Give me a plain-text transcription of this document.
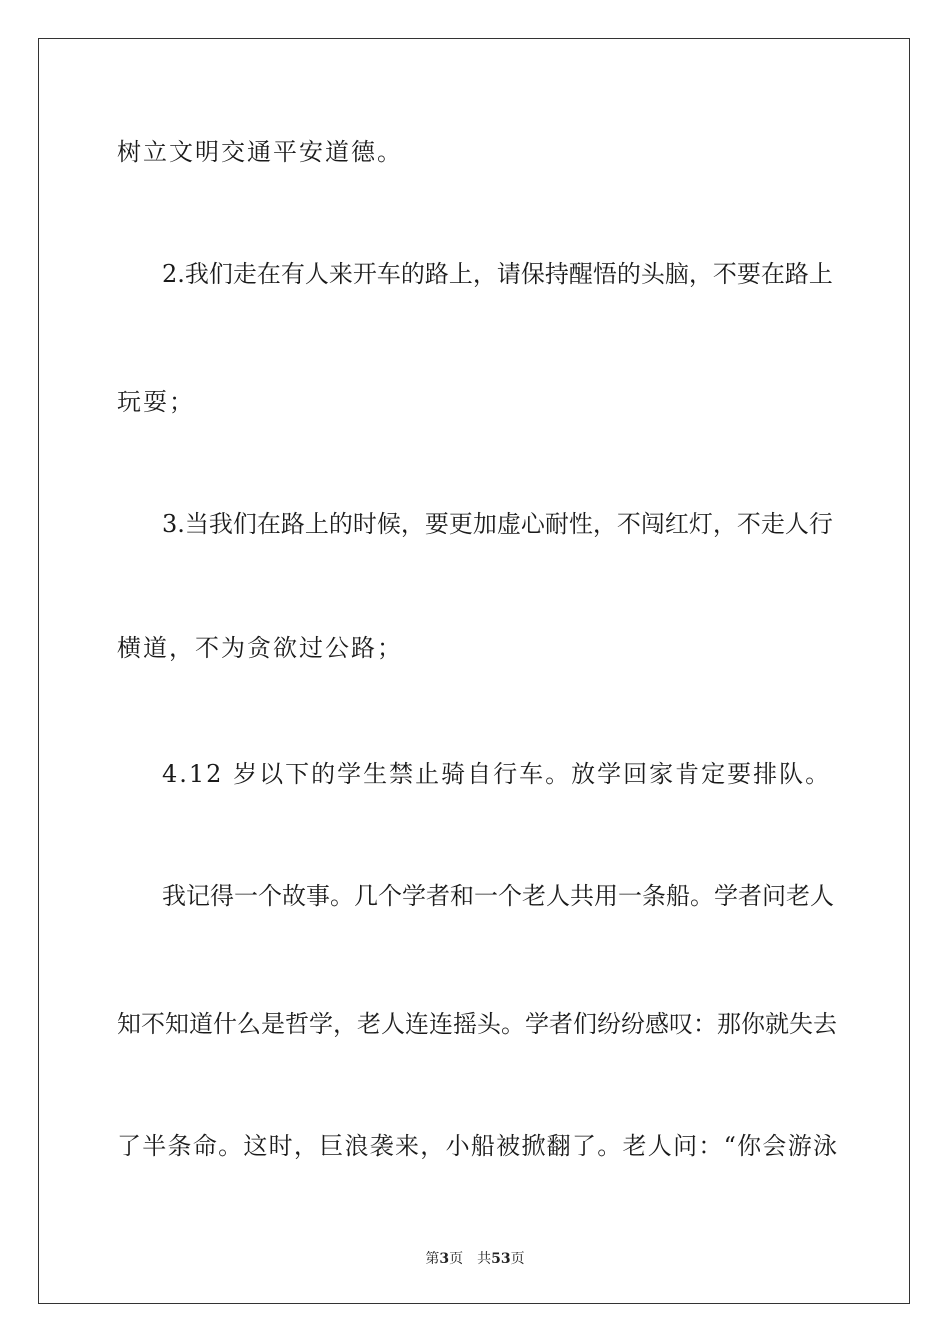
树立文明交通平安道德。
2.我们走在有人来开车的路上，请保持醒悟的头脑，不要在路上
玩耍；
3.当我们在路上的时候，要更加虚心耐性，不闯红灯，不走人行
横道，不为贪欲过公路；
4.12 岁以下的学生禁止骑自行车。放学回家肯定要排队。
我记得一个故事。几个学者和一个老人共用一条船。学者问老人
知不知道什么是哲学，老人连连摇头。学者们纷纷感叹：那你就失去
了半条命。这时，巨浪袭来，小船被掀翻了。老人问：“你会游泳
第3页 共53页
